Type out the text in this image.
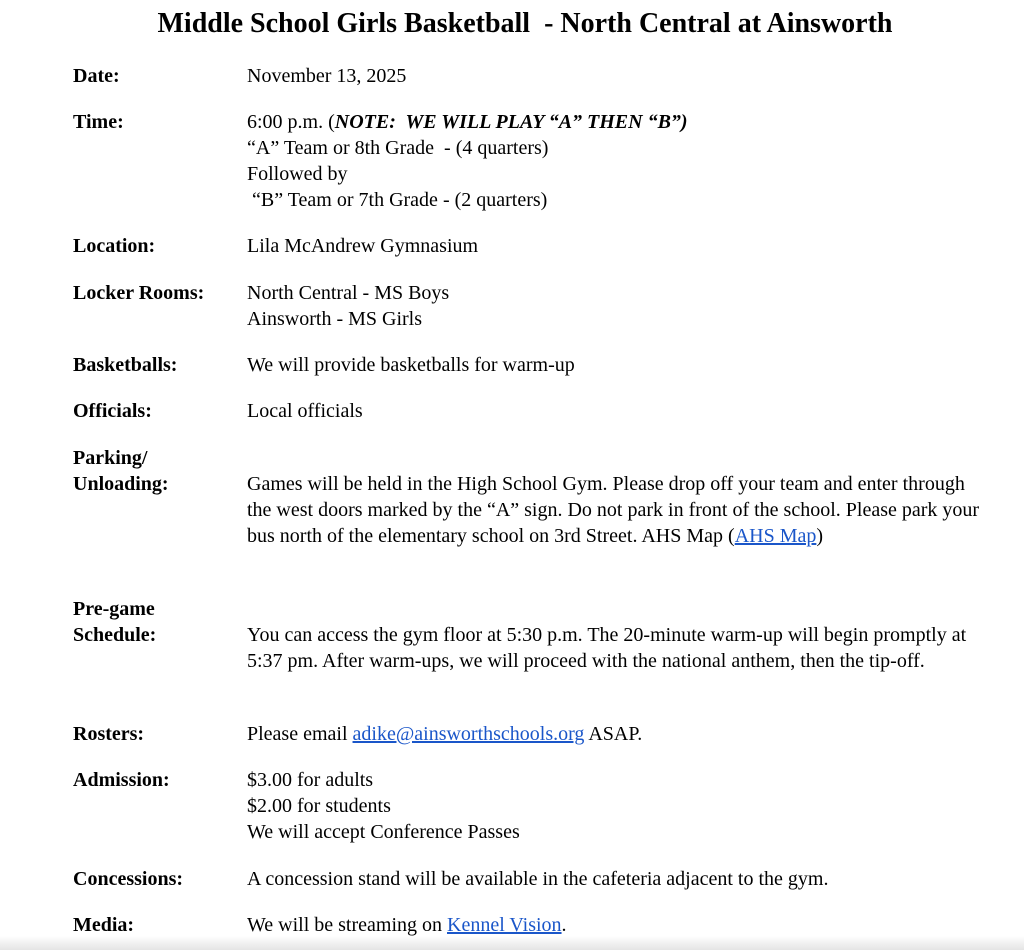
Middle School Girls Basketball  - North Central at Ainsworth
Date:	November 13, 2025
Time:	6:00 p.m. (NOTE:  WE WILL PLAY “A” THEN “B”)
“A” Team or 8th Grade  - (4 quarters)
Followed by
“B” Team or 7th Grade - (2 quarters)
Location:	Lila McAndrew Gymnasium
Locker Rooms: North Central - MS Boys
Ainsworth - MS Girls
Basketballs:	We will provide basketballs for warm-up
Officials:	Local officials
Parking/
Unloading:	Games will be held in the High School Gym. Please drop off your team and enter through the west doors marked by the “A” sign. Do not park in front of the school. Please park your bus north of the elementary school on 3rd Street. AHS Map (AHS Map)
Pre-game
Schedule:	You can access the gym floor at 5:30 p.m. The 20-minute warm-up will begin promptly at 5:37 pm. After warm-ups, we will proceed with the national anthem, then the tip-off.
Rosters:	Please email adike@ainsworthschools.org ASAP.
Admission:	$3.00 for adults
$2.00 for students
We will accept Conference Passes
Concessions:	A concession stand will be available in the cafeteria adjacent to the gym.
Media:	We will be streaming on Kennel Vision.
